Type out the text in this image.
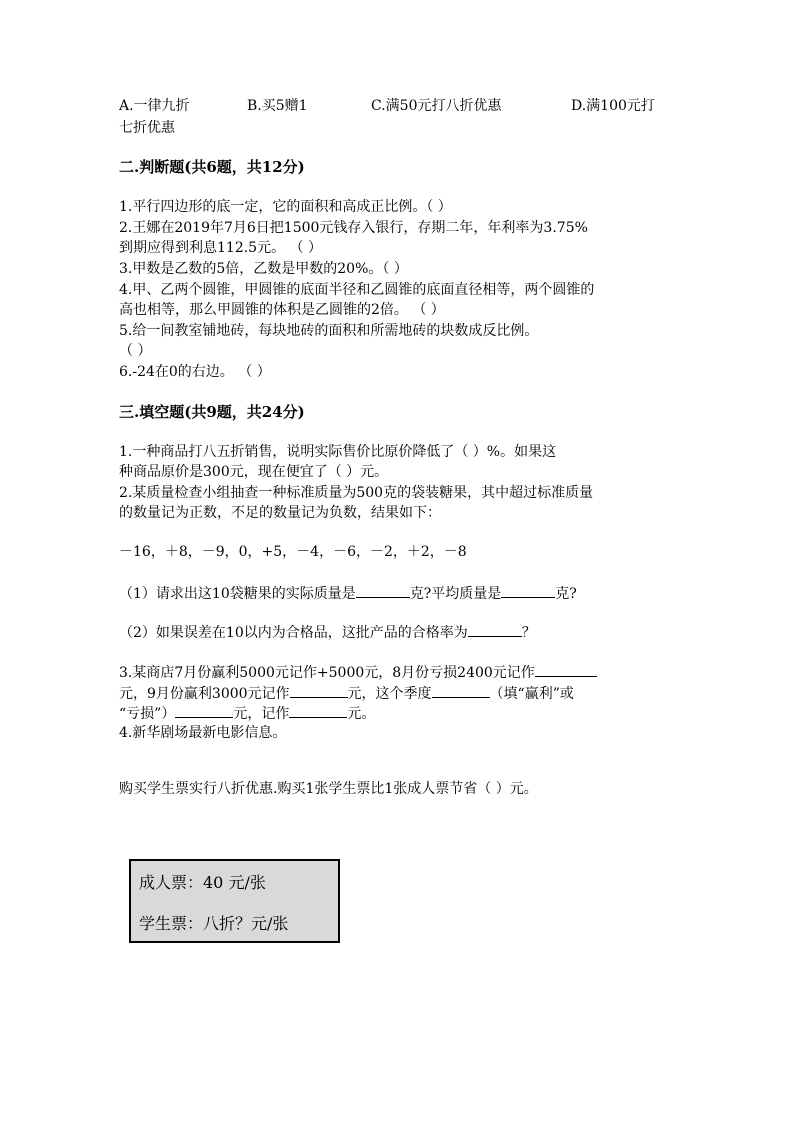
A.一律九折	B.买5赠1	C.满50元打八折优惠	D.满100元打
七折优惠
二.判断题(共6题，共12分)
1.平行四边形的底一定，它的面积和高成正比例。（ ）
2.王娜在2019年7月6日把1500元钱存入银行，存期二年，年利率为3.75%
到期应得到利息112.5元。 （ ）
3.甲数是乙数的5倍，乙数是甲数的20%。（ ）
4.甲、乙两个圆锥，甲圆锥的底面半径和乙圆锥的底面直径相等，两个圆锥的
高也相等，那么甲圆锥的体积是乙圆锥的2倍。 （ ）
5.给一间教室铺地砖，每块地砖的面积和所需地砖的块数成反比例。
（ ）
6.-24在0的右边。 （ ）
三.填空题(共9题，共24分)
1.一种商品打八五折销售，说明实际售价比原价降低了（ ）%。如果这
种商品原价是300元，现在便宜了（ ）元。
2.某质量检查小组抽查一种标准质量为500克的袋装糖果，其中超过标准质量
的数量记为正数，不足的数量记为负数，结果如下：
－16，＋8，－9，0，+5，－4，－6，－2，＋2，－8
（1）请求出这10袋糖果的实际质量是	克?平均质量是	克?
（2）如果误差在10以内为合格品，这批产品的合格率为	？
3.某商店7月份赢利5000元记作+5000元，8月份亏损2400元记作
元，9月份赢利3000元记作	元，这个季度	（填“赢利”或
“亏损”）	元，记作	元。
4.新华剧场最新电影信息。
购买学生票实行八折优惠.购买1张学生票比1张成人票节省（ ）元。
成人票：40 元/张
学生票：八折？元/张
